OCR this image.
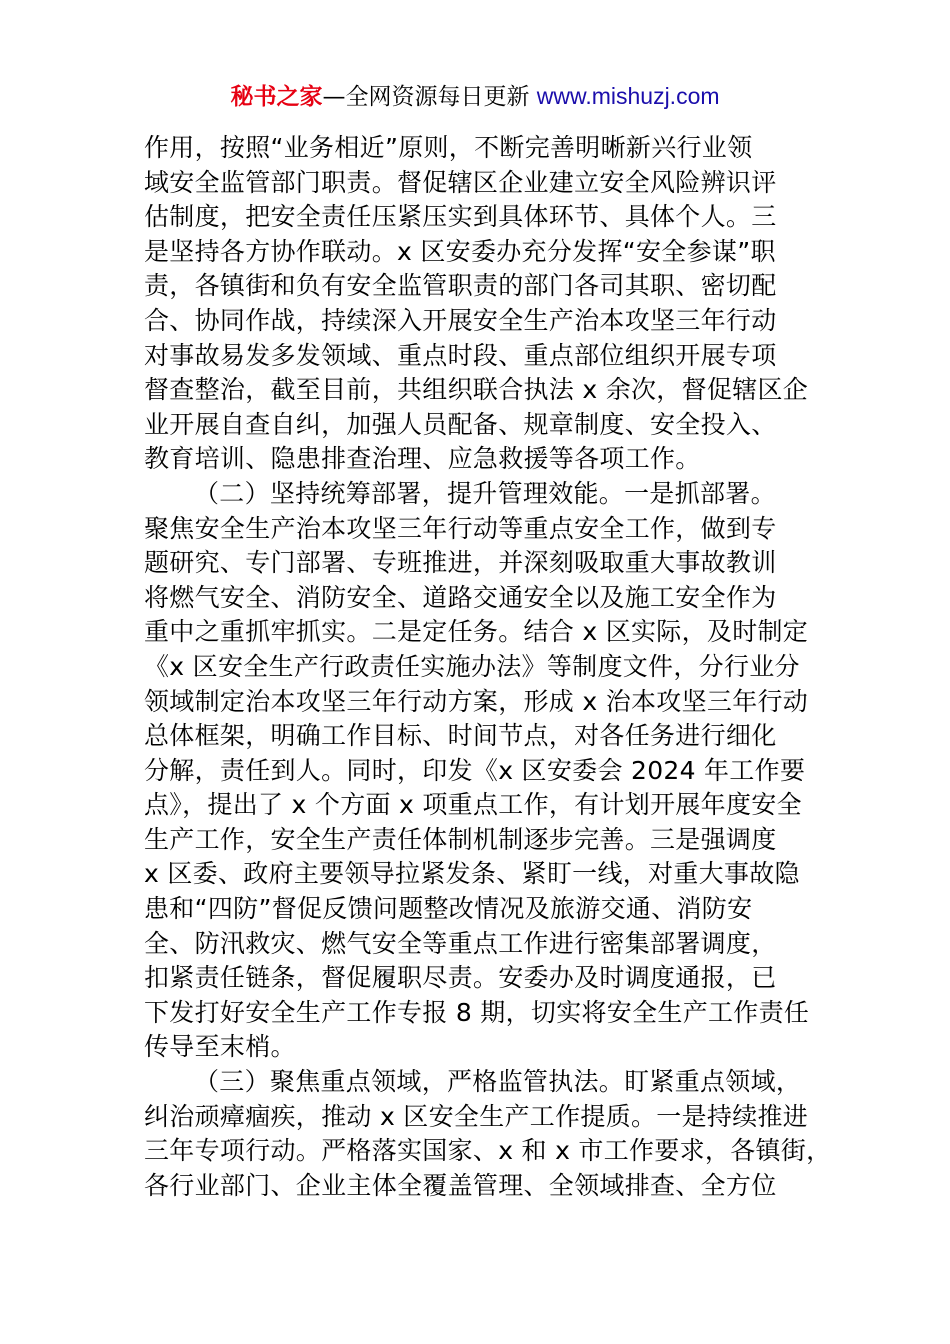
秘书之家—全网资源每日更新 www.mishuzj.com
作用，按照“业务相近”原则，不断完善明晰新兴行业领
域安全监管部门职责。督促辖区企业建立安全风险辨识评
估制度，把安全责任压紧压实到具体环节、具体个人。三
是坚持各方协作联动。x 区安委办充分发挥“安全参谋”职
责，各镇街和负有安全监管职责的部门各司其职、密切配
合、协同作战，持续深入开展安全生产治本攻坚三年行动
对事故易发多发领域、重点时段、重点部位组织开展专项
督查整治，截至目前，共组织联合执法 x 余次，督促辖区企
业开展自查自纠，加强人员配备、规章制度、安全投入、
教育培训、隐患排查治理、应急救援等各项工作。
（二）坚持统筹部署，提升管理效能。一是抓部署。
聚焦安全生产治本攻坚三年行动等重点安全工作，做到专
题研究、专门部署、专班推进，并深刻吸取重大事故教训
将燃气安全、消防安全、道路交通安全以及施工安全作为
重中之重抓牢抓实。二是定任务。结合 x 区实际，及时制定
《x 区安全生产行政责任实施办法》等制度文件，分行业分
领域制定治本攻坚三年行动方案，形成 x 治本攻坚三年行动
总体框架，明确工作目标、时间节点，对各任务进行细化
分解，责任到人。同时，印发《x 区安委会 2024 年工作要
点》，提出了 x 个方面 x 项重点工作，有计划开展年度安全
生产工作，安全生产责任体制机制逐步完善。三是强调度
x 区委、政府主要领导拉紧发条、紧盯一线，对重大事故隐
患和“四防”督促反馈问题整改情况及旅游交通、消防安
全、防汛救灾、燃气安全等重点工作进行密集部署调度，
扣紧责任链条，督促履职尽责。安委办及时调度通报，已
下发打好安全生产工作专报 8 期，切实将安全生产工作责任
传导至末梢。
（三）聚焦重点领域，严格监管执法。盯紧重点领域，
纠治顽瘴痼疾，推动 x 区安全生产工作提质。一是持续推进
三年专项行动。严格落实国家、x 和 x 市工作要求，各镇街，
各行业部门、企业主体全覆盖管理、全领域排查、全方位
